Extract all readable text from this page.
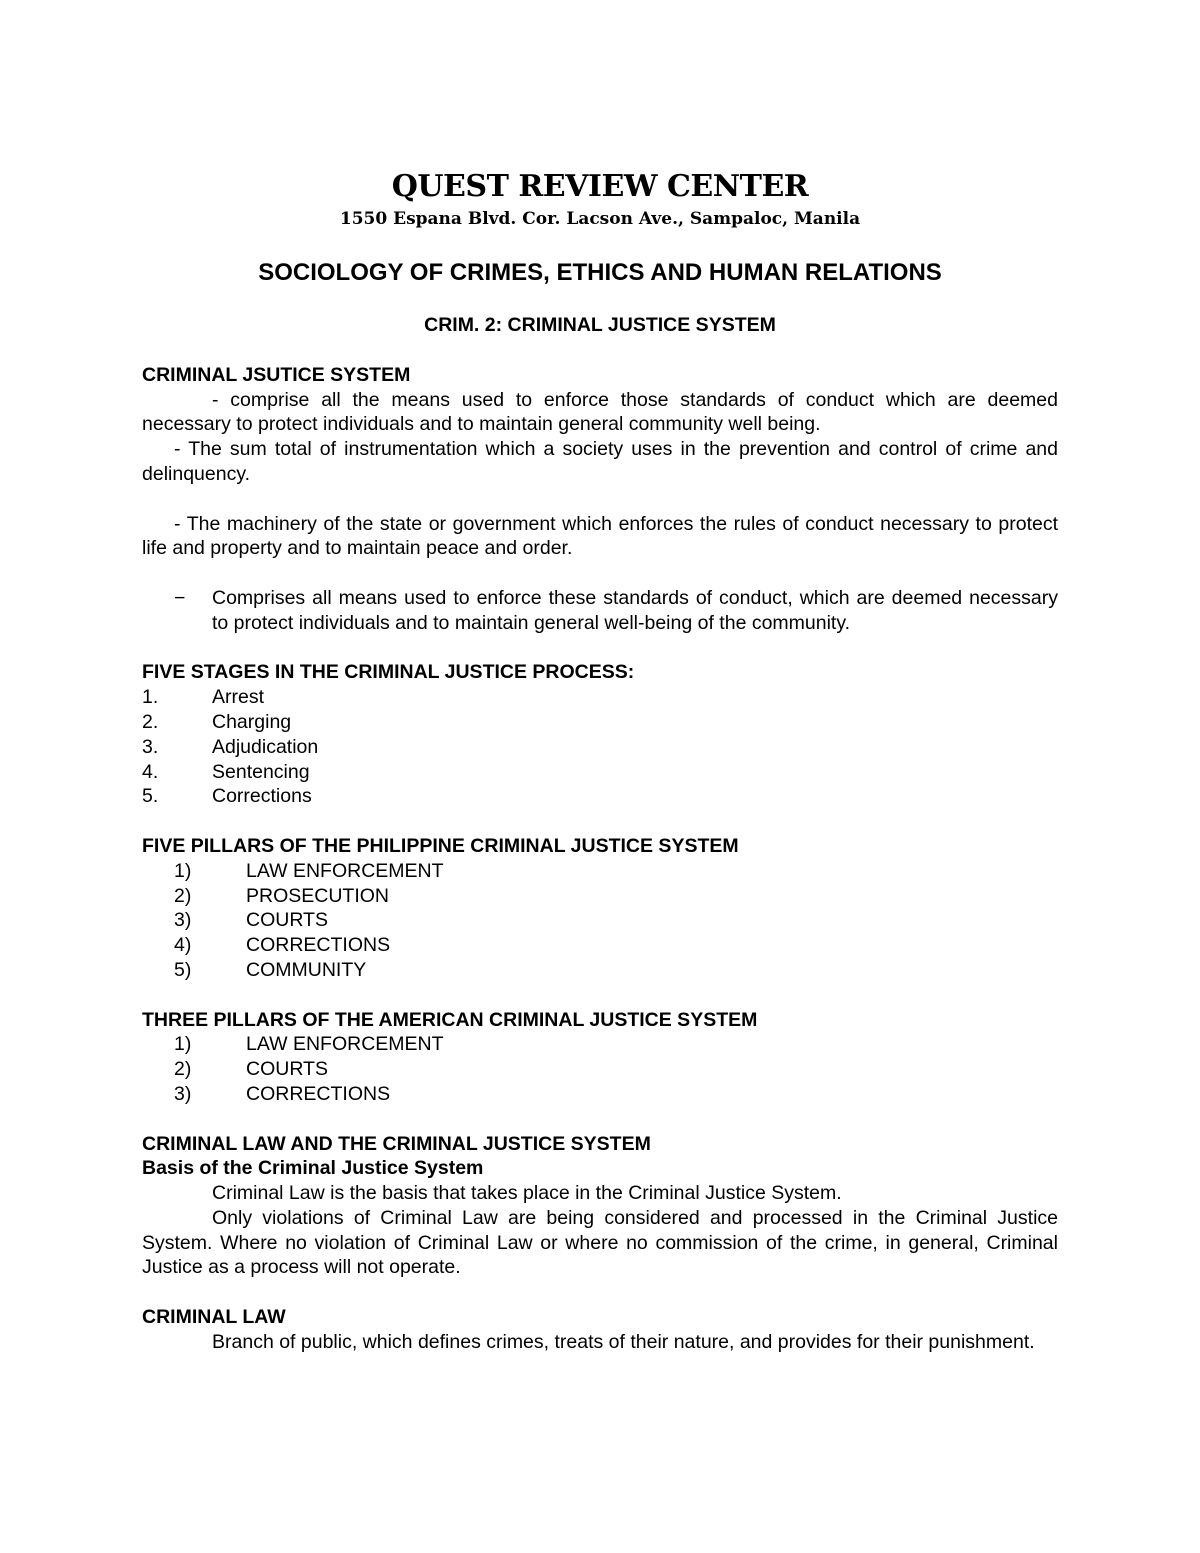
QUEST REVIEW CENTER
1550 Espana Blvd. Cor. Lacson Ave., Sampaloc, Manila
SOCIOLOGY OF CRIMES, ETHICS AND HUMAN RELATIONS
CRIM. 2: CRIMINAL JUSTICE SYSTEM
CRIMINAL JSUTICE SYSTEM
- comprise all the means used to enforce those standards of conduct which are deemed necessary to protect individuals and to maintain general community well being.
- The sum total of instrumentation which a society uses in the prevention and control of crime and delinquency.
- The machinery of the state or government which enforces the rules of conduct necessary to protect life and property and to maintain peace and order.
−	Comprises all means used to enforce these standards of conduct, which are deemed necessary to protect individuals and to maintain general well-being of the community.
FIVE STAGES IN THE CRIMINAL JUSTICE PROCESS:
1.	Arrest
2.	Charging
3.	Adjudication
4.	Sentencing
5.	Corrections
FIVE PILLARS OF THE PHILIPPINE CRIMINAL JUSTICE SYSTEM
1)	LAW ENFORCEMENT
2)	PROSECUTION
3)	COURTS
4)	CORRECTIONS
5)	COMMUNITY
THREE PILLARS OF THE AMERICAN CRIMINAL JUSTICE SYSTEM
1)	LAW ENFORCEMENT
2)	COURTS
3)	CORRECTIONS
CRIMINAL LAW AND THE CRIMINAL JUSTICE SYSTEM
Basis of the Criminal Justice System
Criminal Law is the basis that takes place in the Criminal Justice System.
Only violations of Criminal Law are being considered and processed in the Criminal Justice System. Where no violation of Criminal Law or where no commission of the crime, in general, Criminal Justice as a process will not operate.
CRIMINAL LAW
Branch of public, which defines crimes, treats of their nature, and provides for their punishment.
